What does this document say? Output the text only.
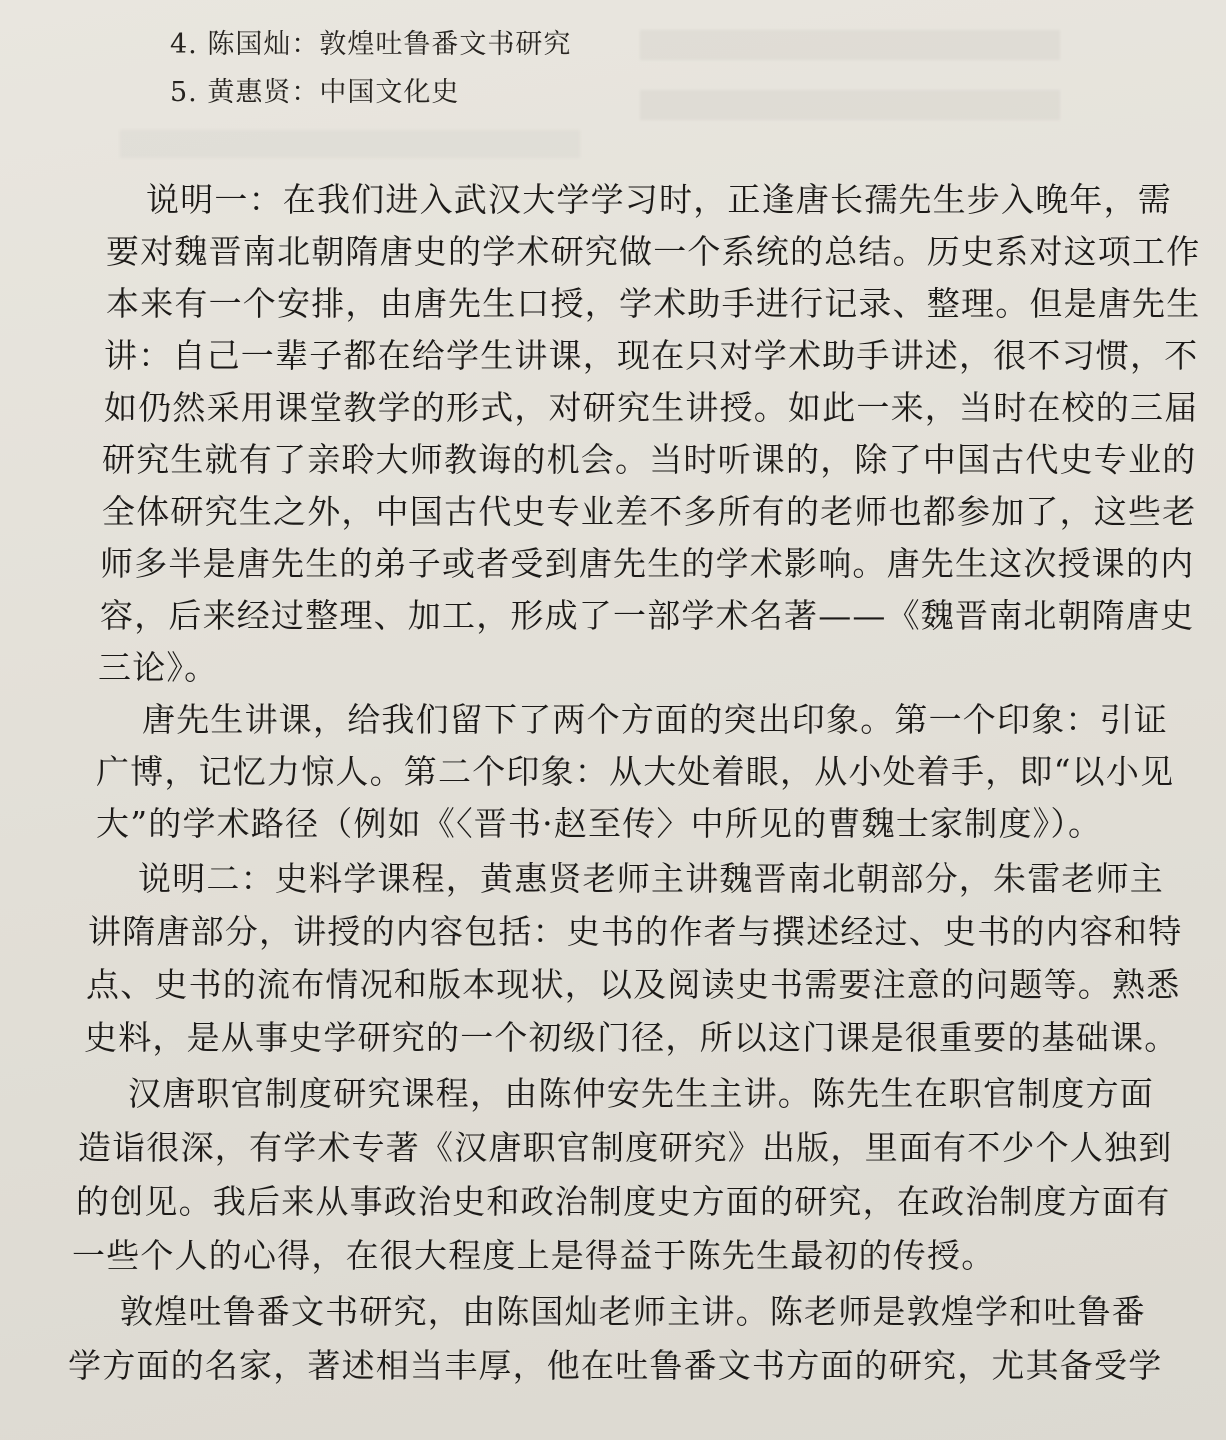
4. 陈国灿：敦煌吐鲁番文书研究
5. 黄惠贤：中国文化史
说明一：在我们进入武汉大学学习时，正逢唐长孺先生步入晚年，需
要对魏晋南北朝隋唐史的学术研究做一个系统的总结。历史系对这项工作
本来有一个安排，由唐先生口授，学术助手进行记录、整理。但是唐先生
讲：自己一辈子都在给学生讲课，现在只对学术助手讲述，很不习惯，不
如仍然采用课堂教学的形式，对研究生讲授。如此一来，当时在校的三届
研究生就有了亲聆大师教诲的机会。当时听课的，除了中国古代史专业的
全体研究生之外，中国古代史专业差不多所有的老师也都参加了，这些老
师多半是唐先生的弟子或者受到唐先生的学术影响。唐先生这次授课的内
容，后来经过整理、加工，形成了一部学术名著——《魏晋南北朝隋唐史
三论》。
唐先生讲课，给我们留下了两个方面的突出印象。第一个印象：引证
广博，记忆力惊人。第二个印象：从大处着眼，从小处着手，即“以小见
大”的学术路径（例如《〈晋书·赵至传〉中所见的曹魏士家制度》）。
说明二：史料学课程，黄惠贤老师主讲魏晋南北朝部分，朱雷老师主
讲隋唐部分，讲授的内容包括：史书的作者与撰述经过、史书的内容和特
点、史书的流布情况和版本现状，以及阅读史书需要注意的问题等。熟悉
史料，是从事史学研究的一个初级门径，所以这门课是很重要的基础课。
汉唐职官制度研究课程，由陈仲安先生主讲。陈先生在职官制度方面
造诣很深，有学术专著《汉唐职官制度研究》出版，里面有不少个人独到
的创见。我后来从事政治史和政治制度史方面的研究，在政治制度方面有
一些个人的心得，在很大程度上是得益于陈先生最初的传授。
敦煌吐鲁番文书研究，由陈国灿老师主讲。陈老师是敦煌学和吐鲁番
学方面的名家，著述相当丰厚，他在吐鲁番文书方面的研究，尤其备受学
